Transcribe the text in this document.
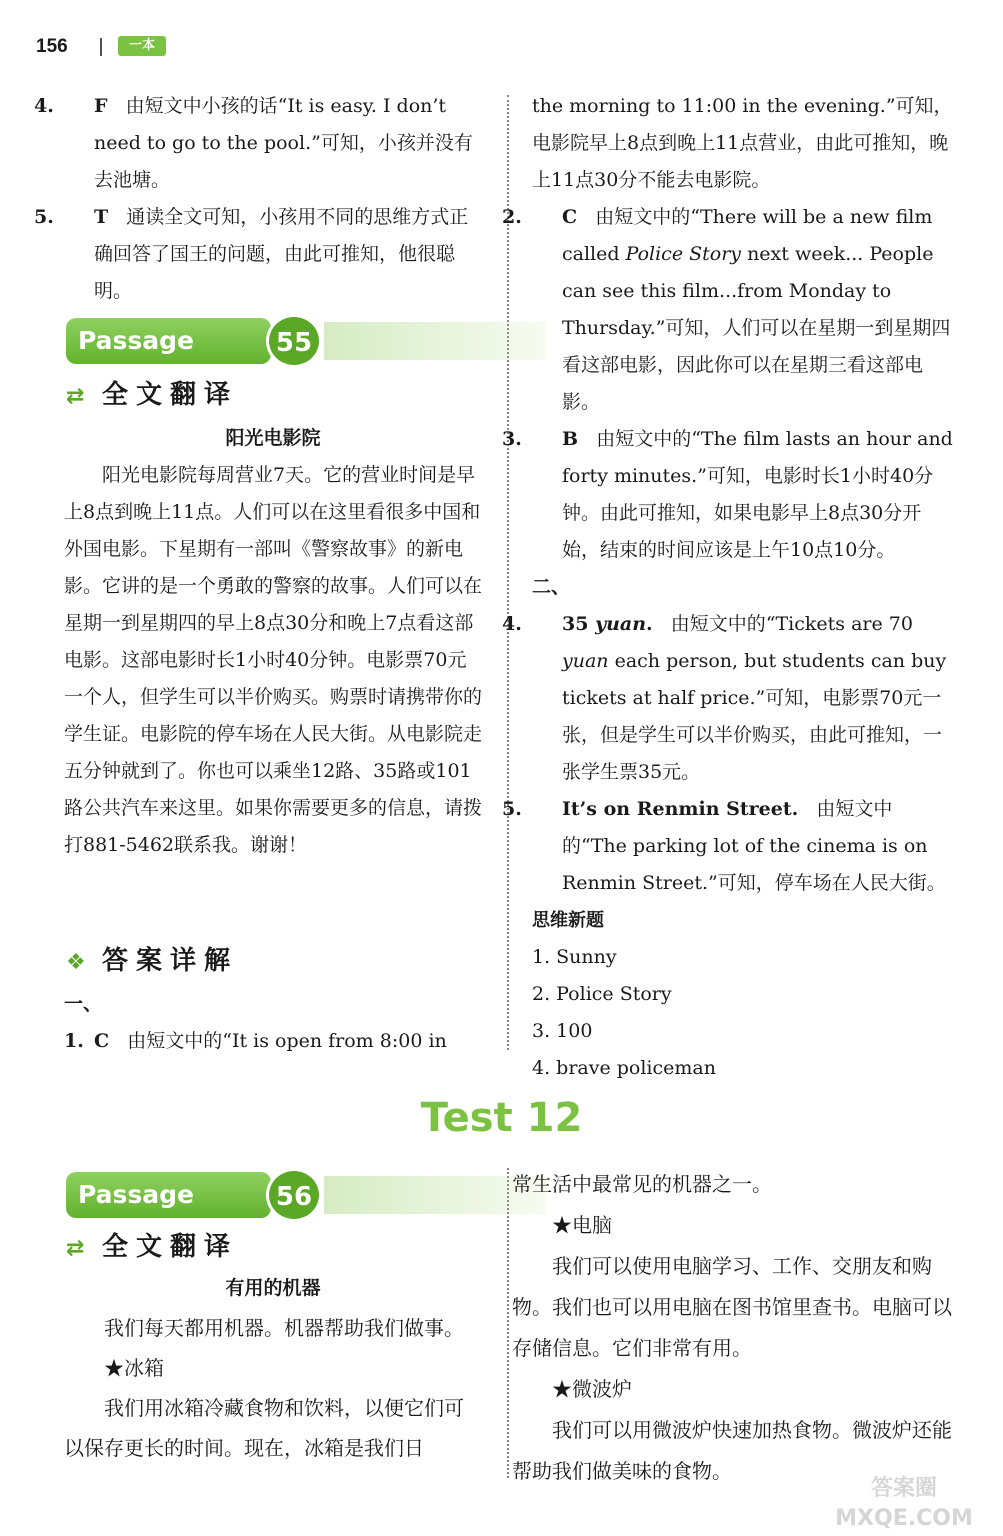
156	一本

4. F 由短文中小孩的话“It is easy. I don’t need to go to the pool.”可知，小孩并没有去池塘。

5. T 通读全文可知，小孩用不同的思维方式正确回答了国王的问题，由此可推知，他很聪明。

Passage	55
⇄ 全文翻译

阳光电影院

阳光电影院每周营业7天。它的营业时间是早上8点到晚上11点。人们可以在这里看很多中国和外国电影。下星期有一部叫《警察故事》的新电影。它讲的是一个勇敢的警察的故事。人们可以在星期一到星期四的早上8点30分和晚上7点看这部电影。这部电影时长1小时40分钟。电影票70元一个人，但学生可以半价购买。购票时请携带你的学生证。电影院的停车场在人民大街。从电影院走五分钟就到了。你也可以乘坐12路、35路或101路公共汽车来这里。如果你需要更多的信息，请拨打881-5462联系我。谢谢！

❖ 答案详解

一、

1. C 由短文中的“It is open from 8:00 in

the morning to 11:00 in the evening.”可知，电影院早上8点到晚上11点营业，由此可推知，晚上11点30分不能去电影院。

2. C 由短文中的“There will be a new film called Police Story next week... People can see this film...from Monday to Thursday.”可知，人们可以在星期一到星期四看这部电影，因此你可以在星期三看这部电影。

3. B 由短文中的“The film lasts an hour and forty minutes.”可知，电影时长1小时40分钟。由此可推知，如果电影早上8点30分开始，结束的时间应该是上午10点10分。

二、

4. 35 yuan. 由短文中的“Tickets are 70 yuan each person, but students can buy tickets at half price.”可知，电影票70元一张，但是学生可以半价购买，由此可推知，一张学生票35元。

5. It’s on Renmin Street. 由短文中的“The parking lot of the cinema is on Renmin Street.”可知，停车场在人民大街。

思维新题

1. Sunny

2. Police Story

3. 100

4. brave policeman

Test 12
Passage	56
⇄ 全文翻译

有用的机器

我们每天都用机器。机器帮助我们做事。

★冰箱

我们用冰箱冷藏食物和饮料，以便它们可以保存更长的时间。现在，冰箱是我们日

常生活中最常见的机器之一。

★电脑

我们可以使用电脑学习、工作、交朋友和购物。我们也可以用电脑在图书馆里查书。电脑可以存储信息。它们非常有用。

★微波炉

我们可以用微波炉快速加热食物。微波炉还能帮助我们做美味的食物。

答案圈 MXQE.COM
